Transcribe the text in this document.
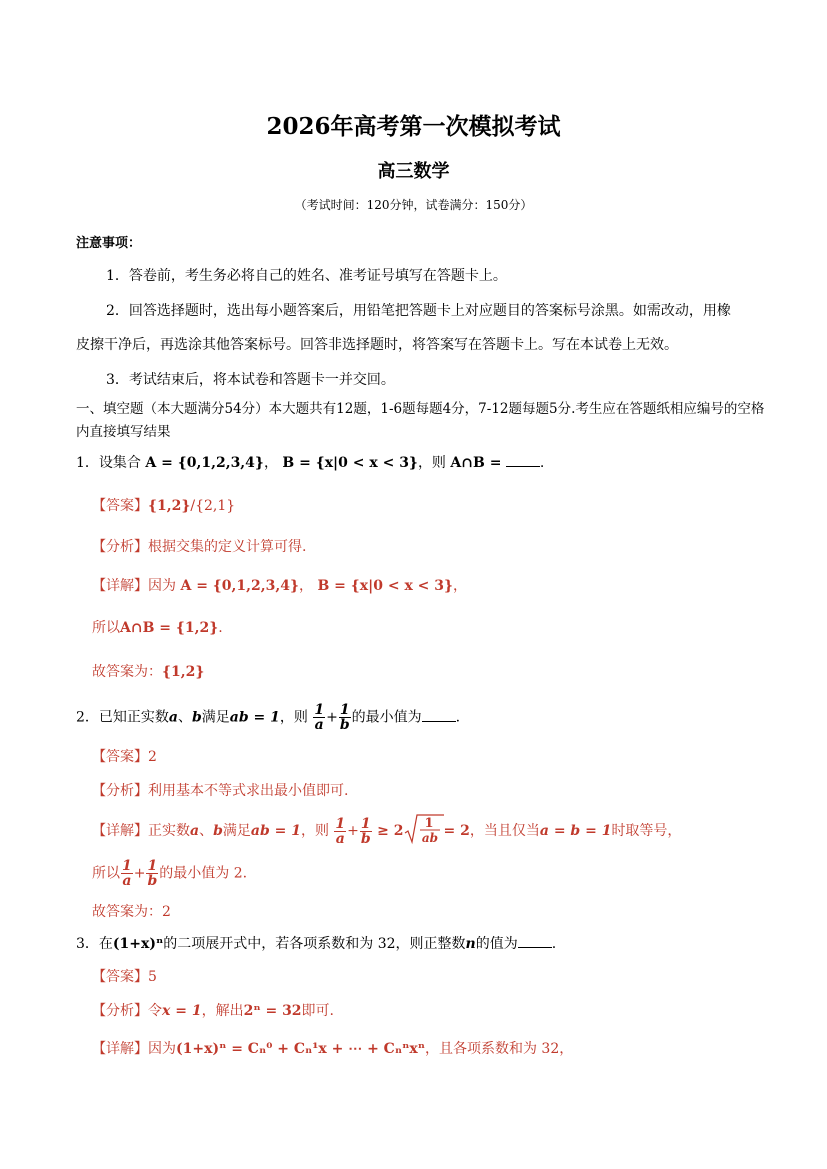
2026年高考第一次模拟考试
高三数学
（考试时间：120分钟，试卷满分：150分）
注意事项：
1．答卷前，考生务必将自己的姓名、准考证号填写在答题卡上。
2．回答选择题时，选出每小题答案后，用铅笔把答题卡上对应题目的答案标号涂黑。如需改动，用橡
皮擦干净后，再选涂其他答案标号。回答非选择题时，将答案写在答题卡上。写在本试卷上无效。
3．考试结束后，将本试卷和答题卡一并交回。
一、填空题（本大题满分54分）本大题共有12题，1-6题每题4分，7-12题每题5分.考生应在答题纸相应编号的空格内直接填写结果
1．设集合 A = {0,1,2,3,4}， B = {x|0 < x < 3}，则 A∩B =	.
【答案】{1,2}/{2,1}
【分析】根据交集的定义计算可得.
【详解】因为 A = {0,1,2,3,4}， B = {x|0 < x < 3}，
所以A∩B = {1,2}.
故答案为：{1,2}
2．已知正实数a、b满足ab = 1，则 $\frac{1}{a} + \frac{1}{b}$ 的最小值为 .
【答案】2
【分析】利用基本不等式求出最小值即可.
【详解】正实数a、b满足ab = 1，则 $\frac{1}{a} + \frac{1}{b} \ge 2$ 1
ab = 2，当且仅当a = b = 1时取等号，
所以 $\frac{1}{a} + \frac{1}{b}$ 的最小值为 2.
故答案为：2
3．在(1+x)ⁿ的二项展开式中，若各项系数和为 32，则正整数n的值为 .
【答案】5
【分析】令x = 1，解出2ⁿ = 32即可.
【详解】因为(1+x)ⁿ = Cₙ⁰ + Cₙ¹x + ⋯ + Cₙⁿxⁿ，且各项系数和为 32，
